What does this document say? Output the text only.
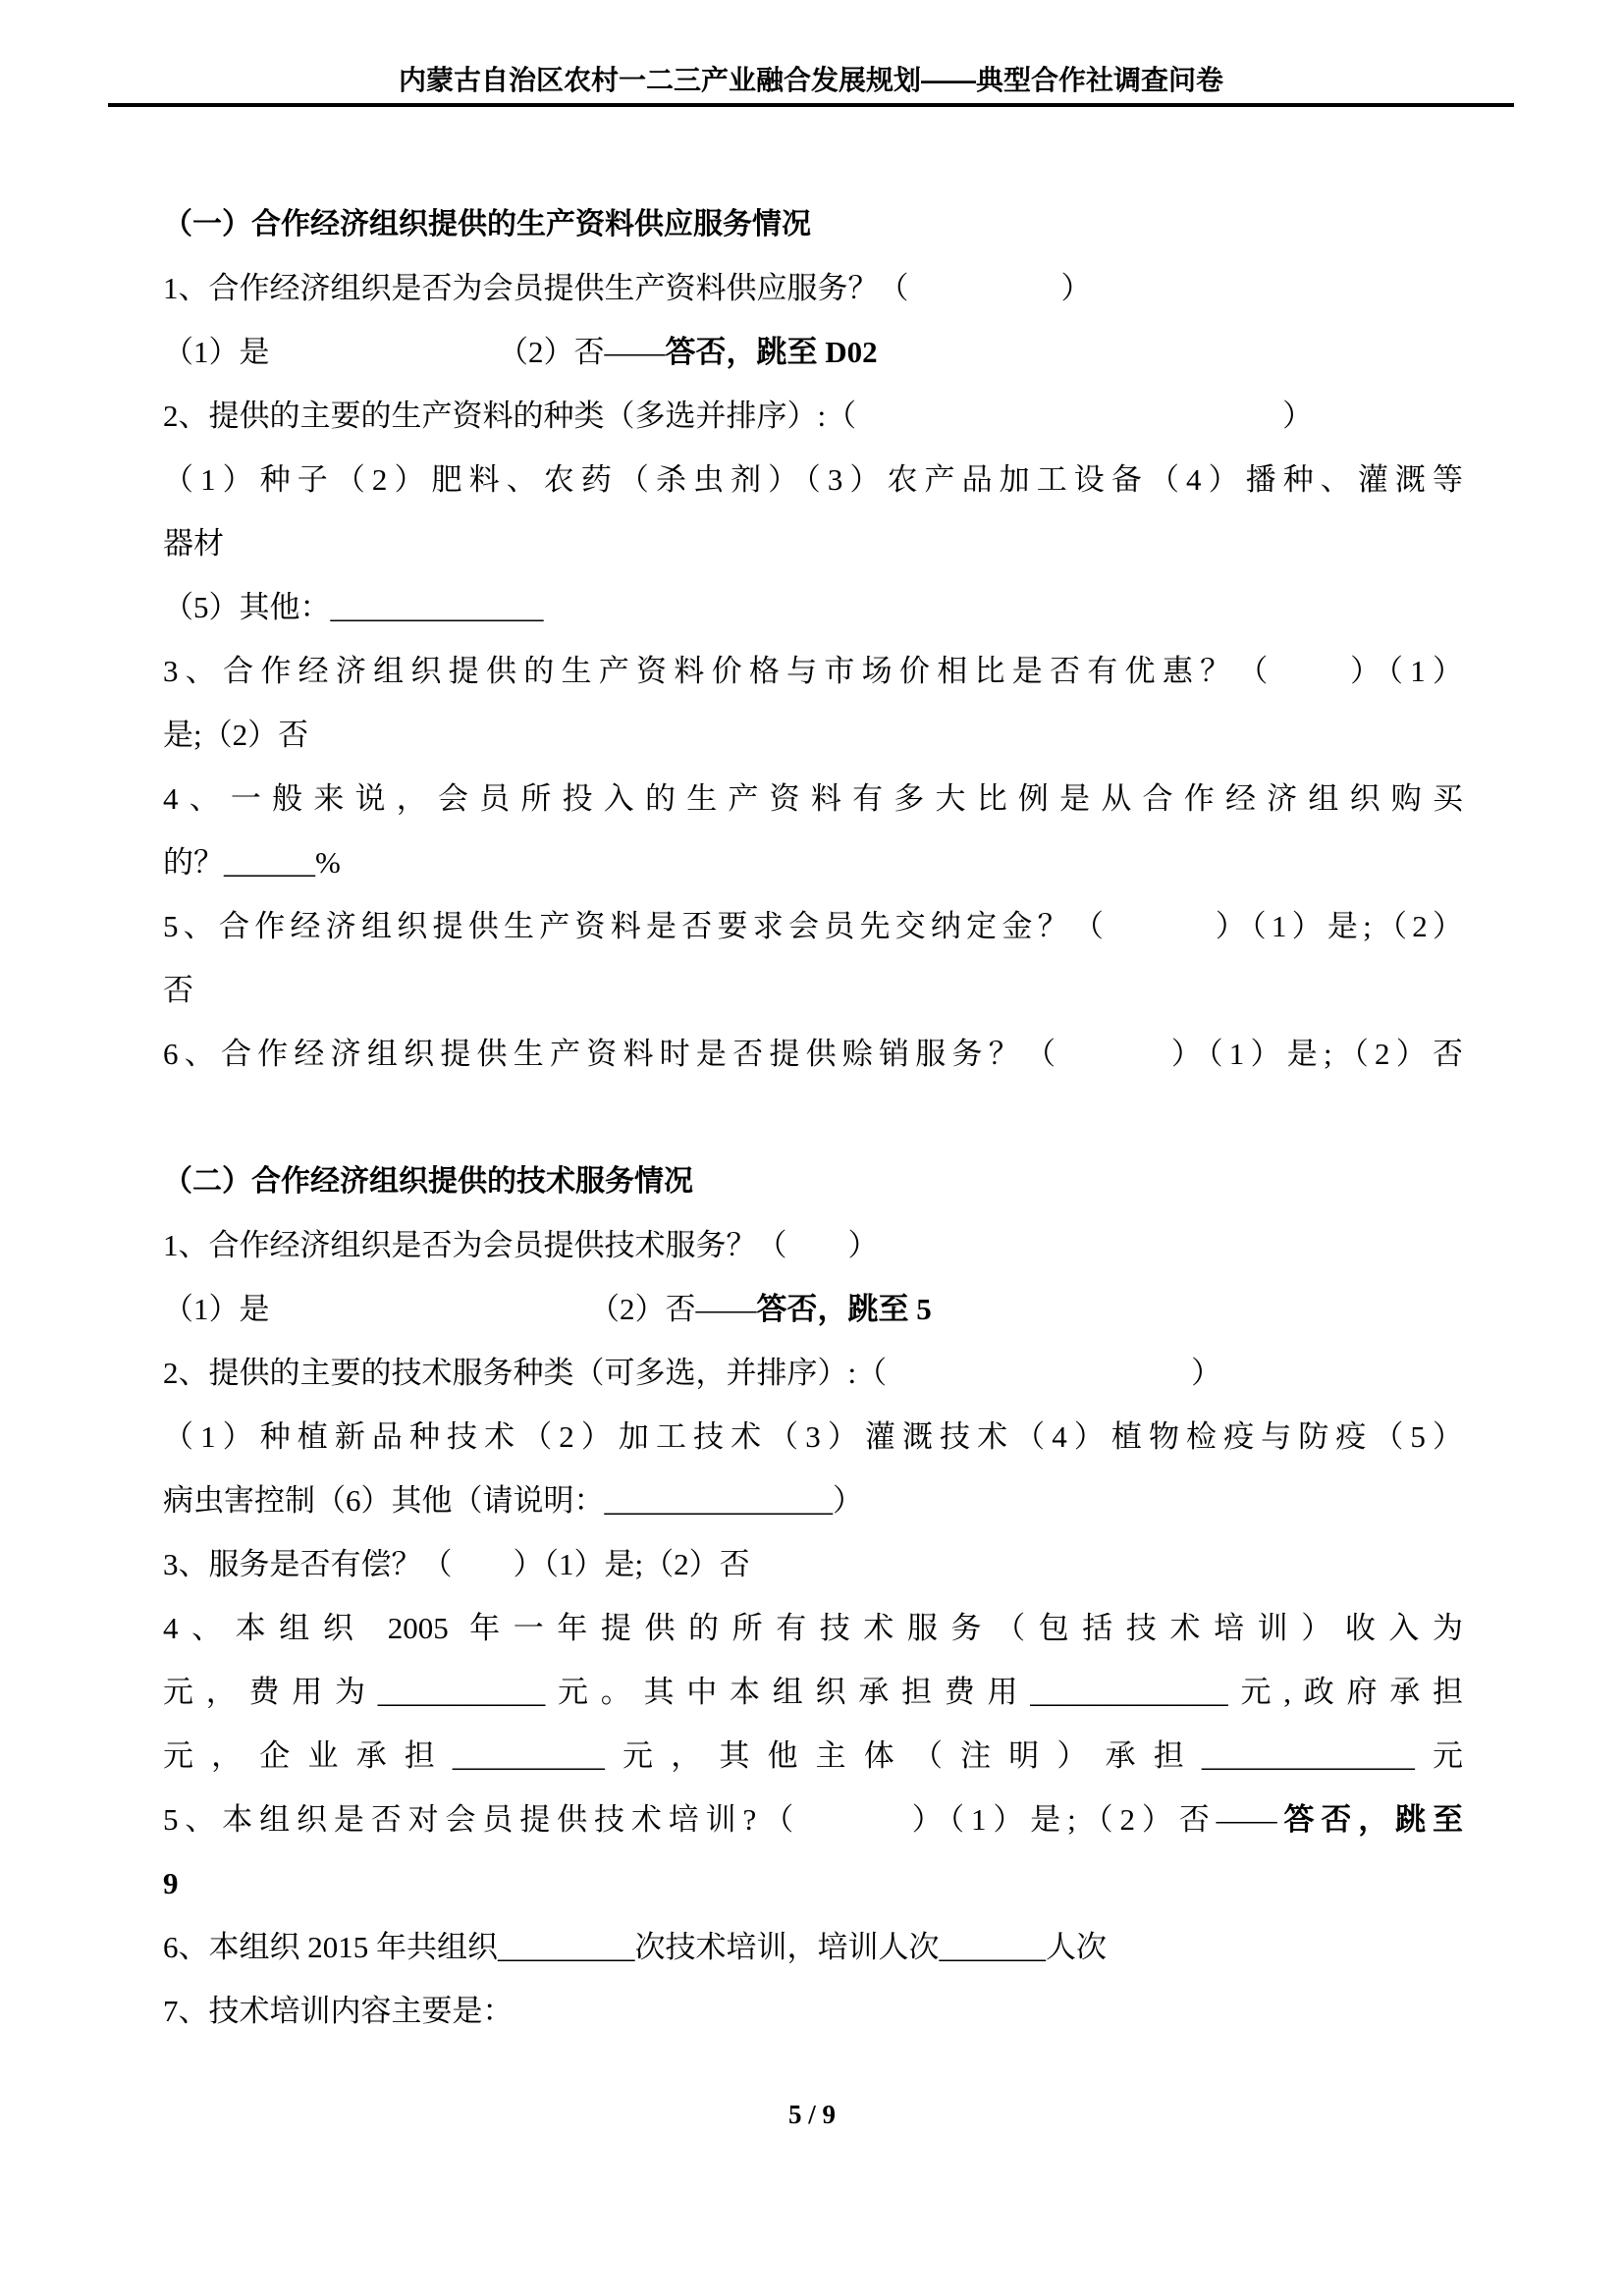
内蒙古自治区农村一二三产业融合发展规划——典型合作社调查问卷
（一）合作经济组织提供的生产资料供应服务情况

1、合作经济组织是否为会员提供生产资料供应服务？（　　　　　）

（1）是　　　　　　　　（2）否——答否，跳至 D02

2、提供的主要的生产资料的种类（多选并排序）:（　　　　　　　　　　　　　　）

（1）种子（2）肥料、农药（杀虫剂）（3）农产品加工设备（4）播种、灌溉等

器材

（5）其他：______________

3、合作经济组织提供的生产资料价格与市场价相比是否有优惠？（　　）（1）

是;（2）否

4、一般来说，会员所投入的生产资料有多大比例是从合作经济组织购买

的？______%

5、合作经济组织提供生产资料是否要求会员先交纳定金？（　　　）（1）是;（2）

否

6、合作经济组织提供生产资料时是否提供赊销服务？（　　　）（1）是;（2）否

（二）合作经济组织提供的技术服务情况

1、合作经济组织是否为会员提供技术服务？（　　）

（1）是　　　　　　　　　　　（2）否——答否，跳至 5

2、提供的主要的技术服务种类（可多选，并排序）:（　　　　　　　　　　）

（1）种植新品种技术（2）加工技术（3）灌溉技术（4）植物检疫与防疫（5）

病虫害控制（6）其他（请说明：_______________）

3、服务是否有偿？（　　）（1）是;（2）否

4、本组织 2005 年一年提供的所有技术服务（包括技术培训）收入为

元，费用为___________元。其中本组织承担费用_____________元,政府承担

元，企业承担__________元，其他主体（注明）承担______________元

5、本组织是否对会员提供技术培训?（　　　）（1）是;（2）否——答否，跳至

9

6、本组织 2015 年共组织_________次技术培训，培训人次_______人次

7、技术培训内容主要是：

5 / 9
